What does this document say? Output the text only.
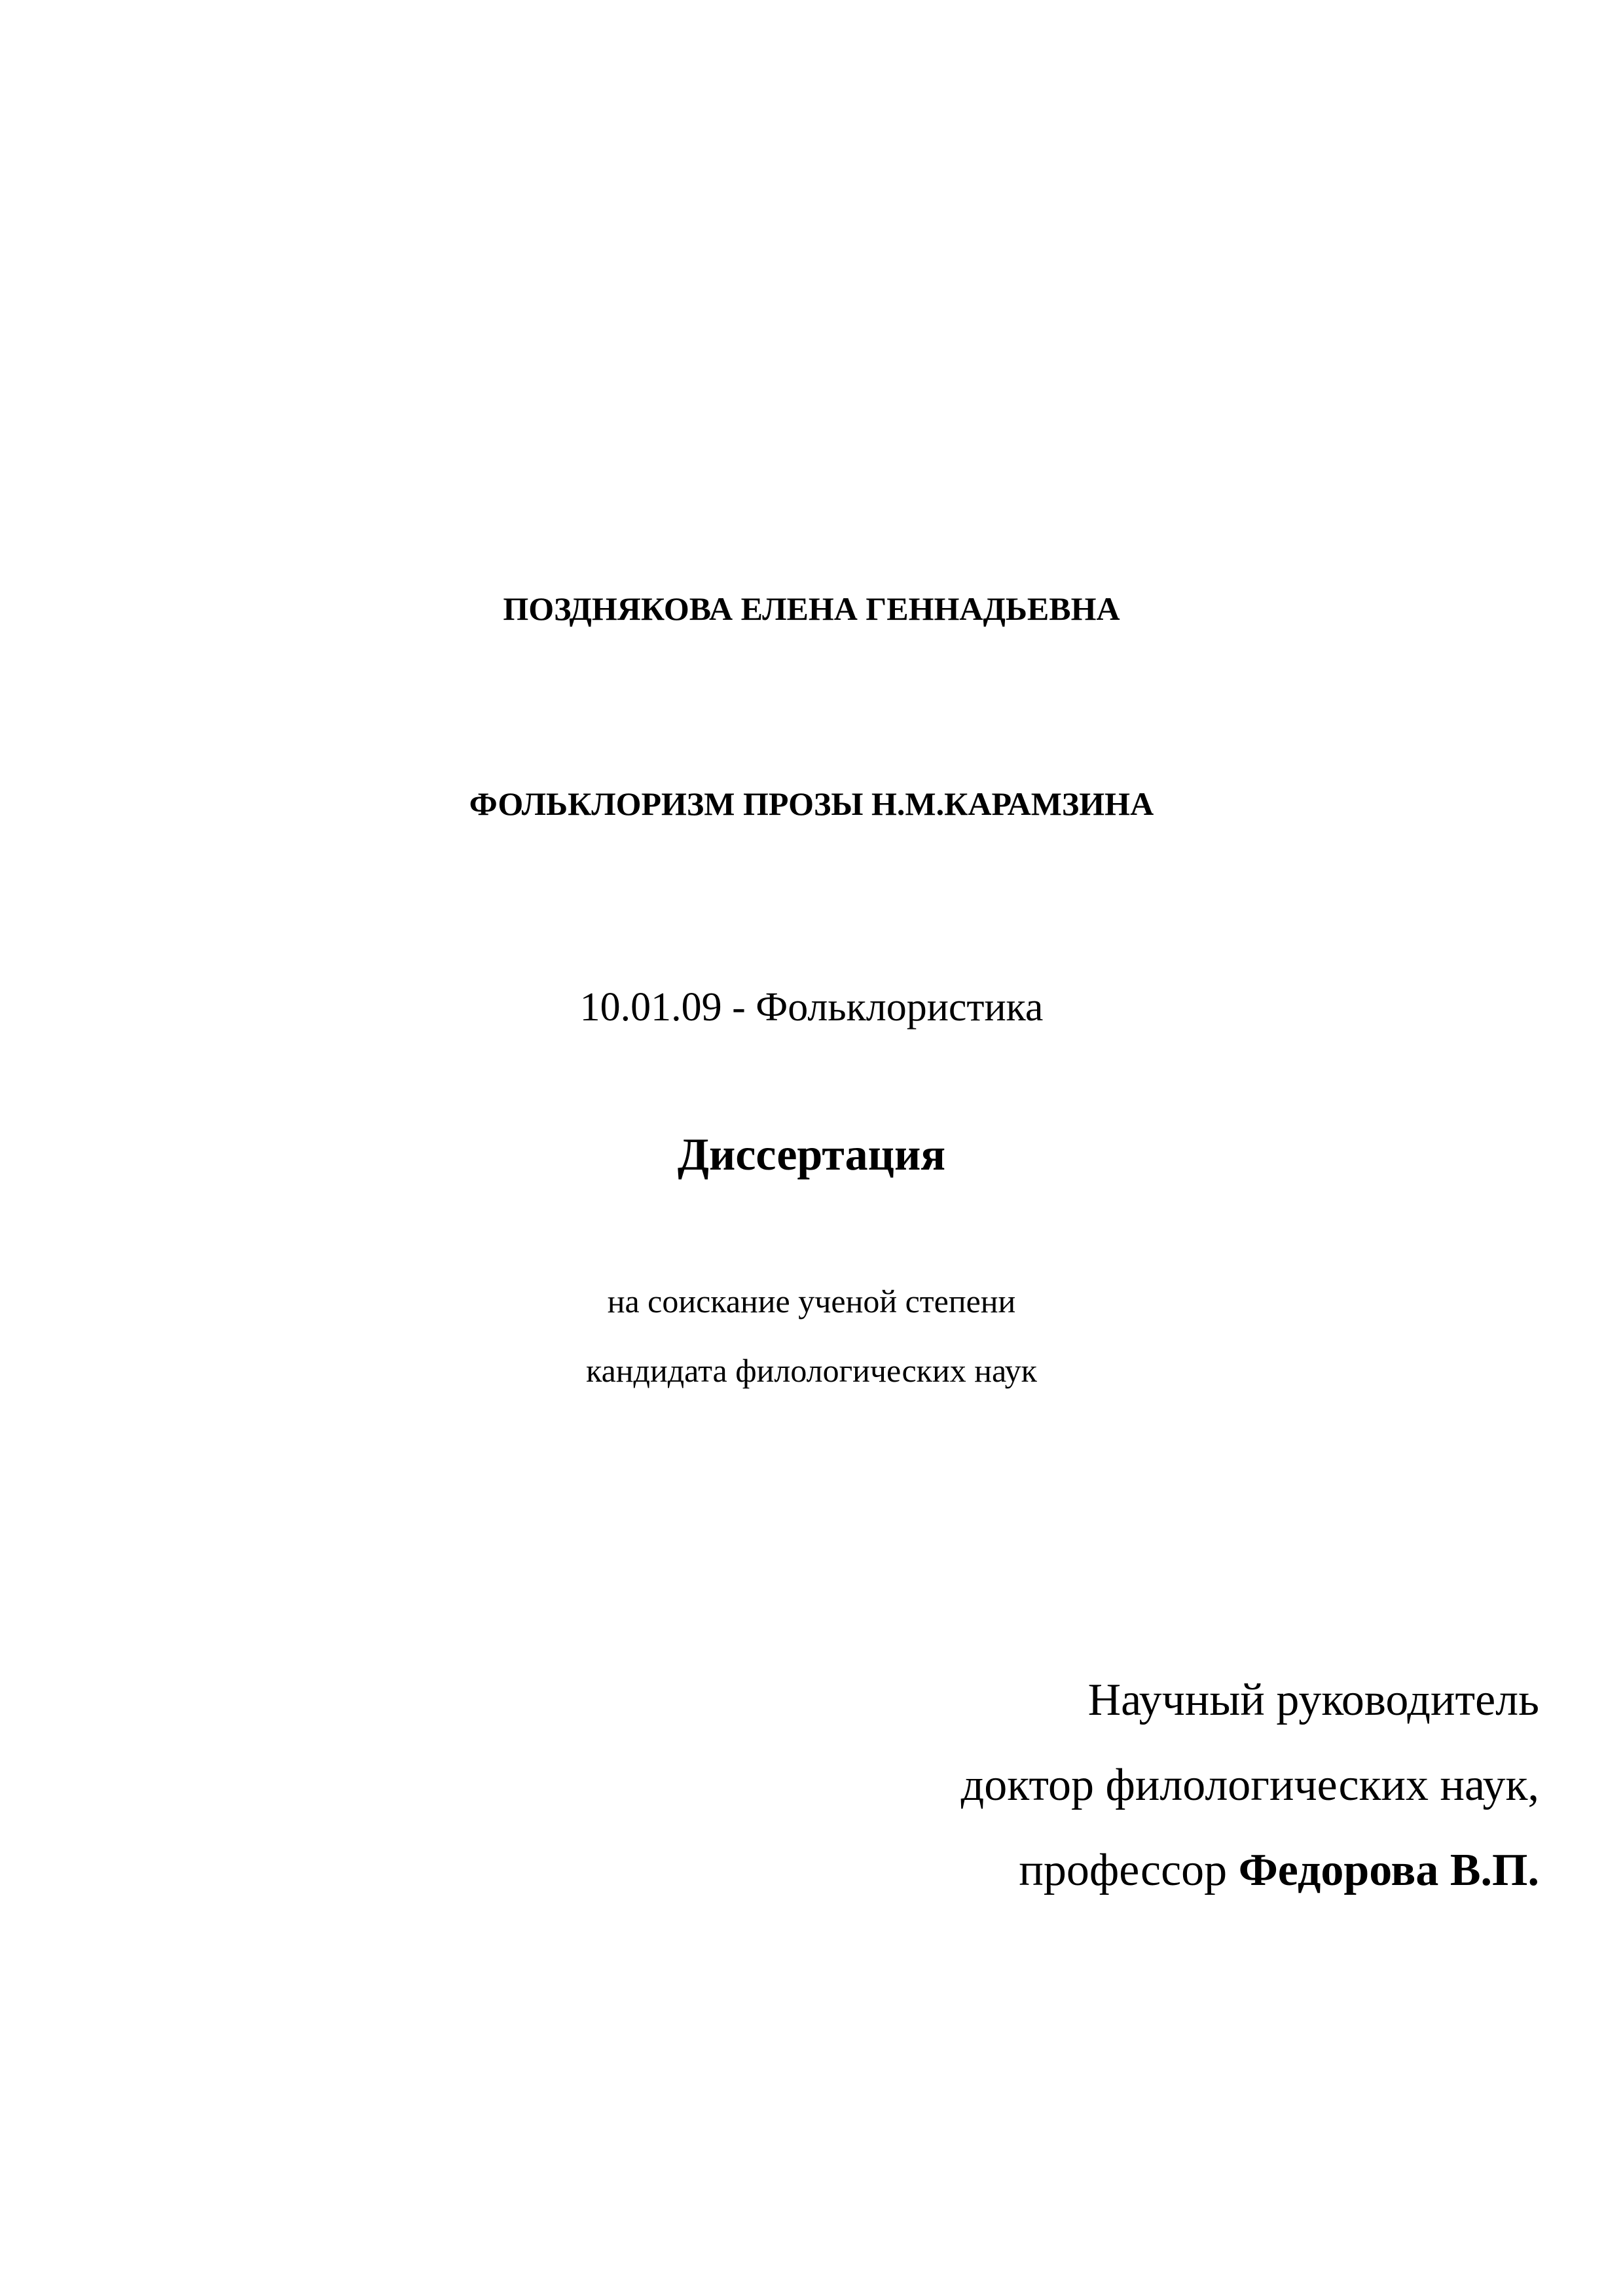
ПОЗДНЯКОВА ЕЛЕНА ГЕННАДЬЕВНА
ФОЛЬКЛОРИЗМ ПРОЗЫ Н.М.КАРАМЗИНА
10.01.09 - Фольклористика
Диссертация
на соискание ученой степени
кандидата филологических наук
Научный руководитель
доктор филологических наук,
профессор Федорова В.П.
